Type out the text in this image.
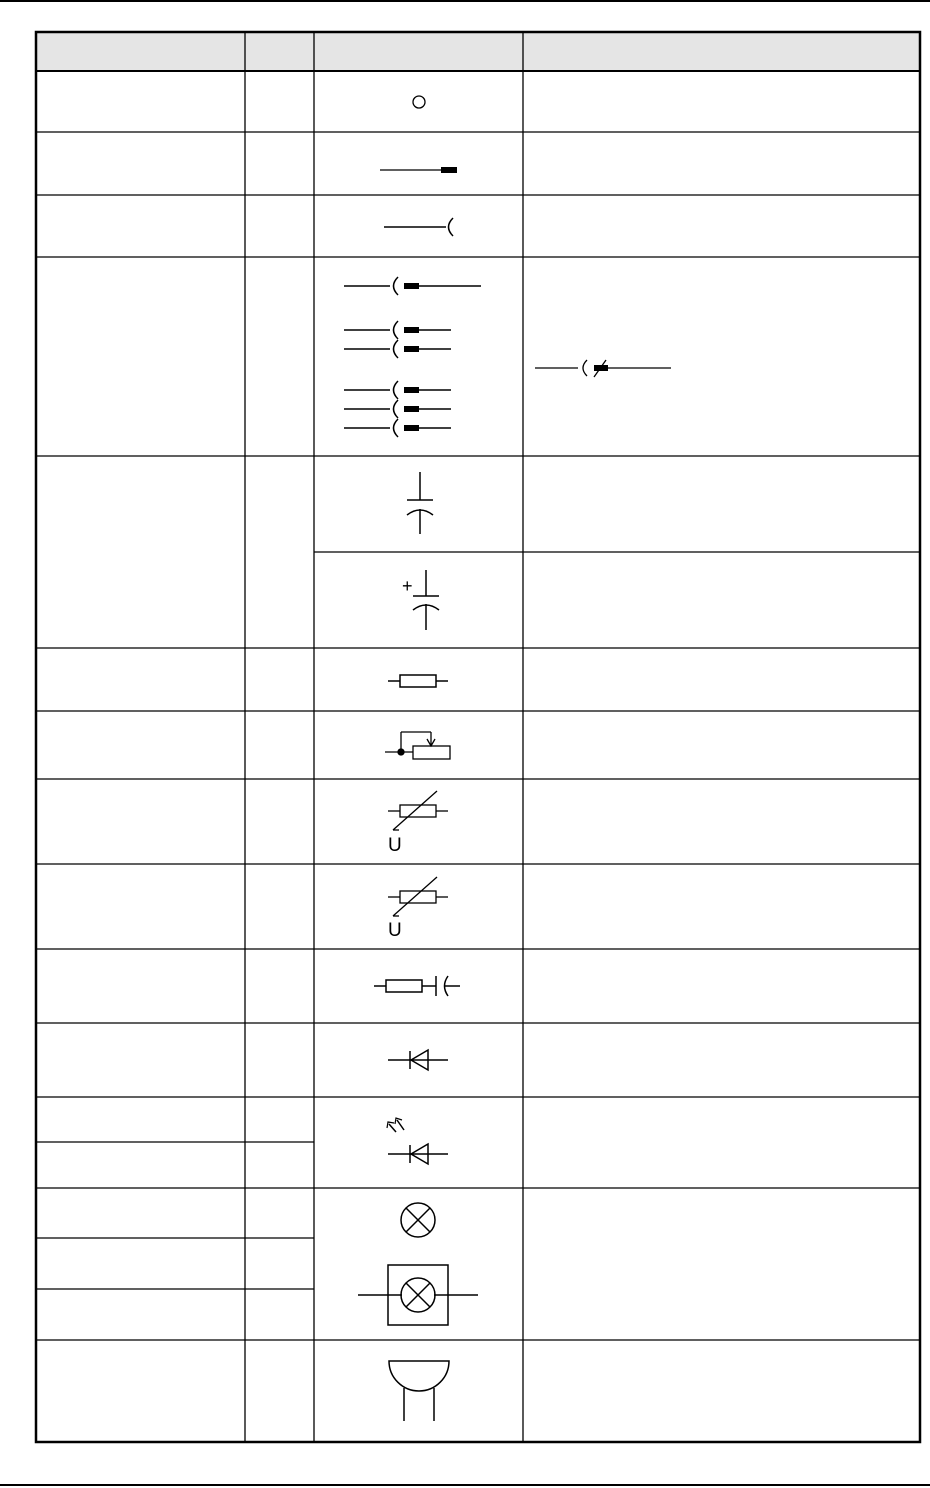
+
U
U
